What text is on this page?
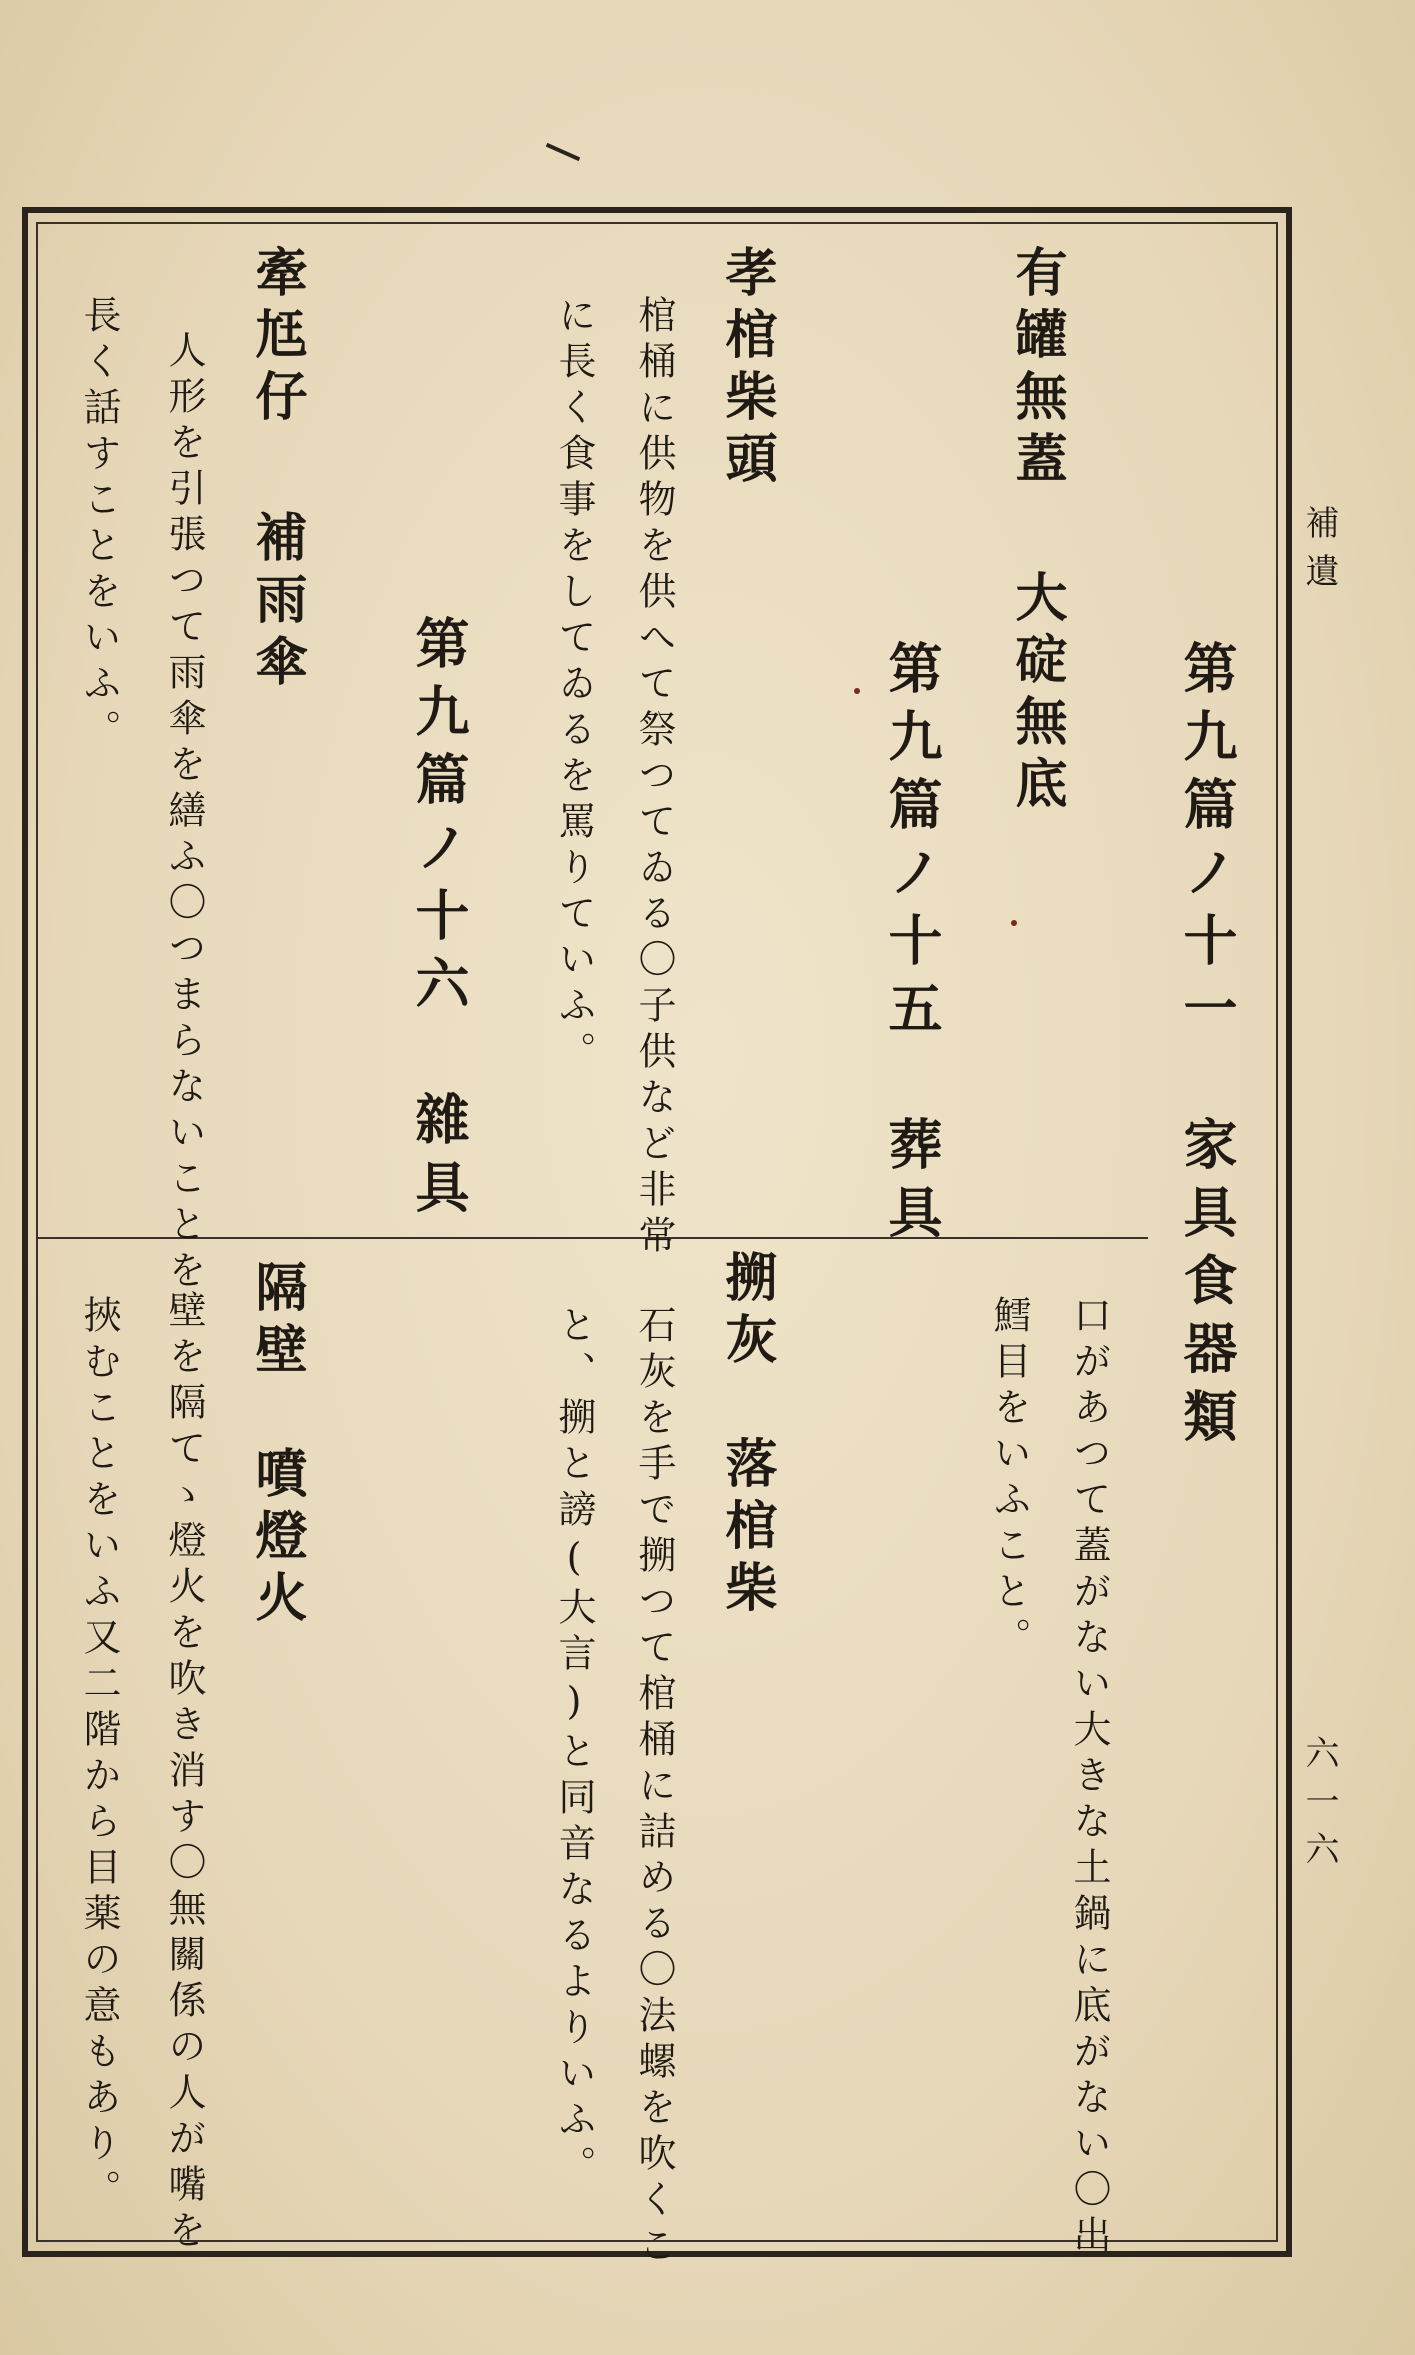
補遺
六一六
第九篇ノ十一　家具食器類
有罐無蓋
大碇無底
口があつて蓋がない大きな土鍋に底がない〇出
鱈目をいふこと。
第九篇ノ十五　葬具
孝棺柴頭
棺桶に供物を供へて祭つてゐる〇子供など非常
に長く食事をしてゐるを罵りていふ。
搠灰　落棺柴
石灰を手で搠つて棺桶に詰める〇法螺を吹くこ
と、搠と謗(大言)と同音なるよりいふ。
第九篇ノ十六　雜具
牽尪仔
補雨傘
人形を引張つて雨傘を繕ふ〇つまらないことを
長く話すことをいふ。
隔壁　噴燈火
壁を隔てゝ燈火を吹き消す〇無關係の人が嘴を
挾むことをいふ又二階から目薬の意もあり。
